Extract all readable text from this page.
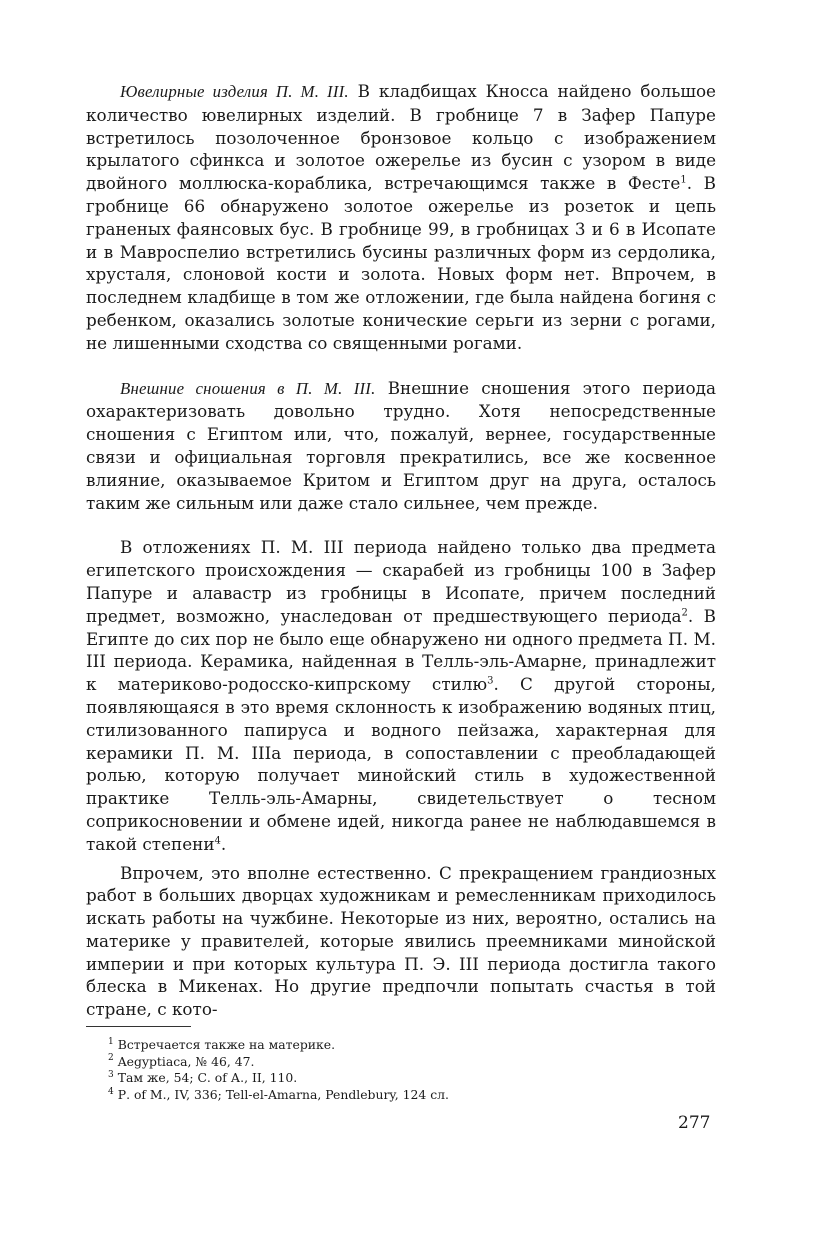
Ювелирные изделия П. М. III. В кладбищах Кносса найдено большое количество ювелирных изделий. В гробнице 7 в Зафер Папуре встретилось позолоченное бронзовое кольцо с изображением крылатого сфинкса и золотое ожерелье из бусин с узором в виде двойного моллюска-кораблика, встречающимся также в Фесте$^1$. В гробнице 66 обнаружено золотое ожерелье из розеток и цепь граненых фаянсовых бус. В гробнице 99, в гробницах 3 и 6 в Исопате и в Мавроспелио встретились бусины различных форм из сердолика, хрусталя, слоновой кости и золота. Новых форм нет. Впрочем, в последнем кладбище в том же отложении, где была найдена богиня с ребенком, оказались золотые конические серьги из зерни с рогами, не лишенными сходства со священными рогами.

Внешние сношения в П. М. III. Внешние сношения этого периода охарактеризовать довольно трудно. Хотя непосредственные сношения с Египтом или, что, пожалуй, вернее, государственные связи и официальная торговля прекратились, все же косвенное влияние, оказываемое Критом и Египтом друг на друга, осталось таким же сильным или даже стало сильнее, чем прежде.

В отложениях П. М. III периода найдено только два предмета египетского происхождения — скарабей из гробницы 100 в Зафер Папуре и алавастр из гробницы в Исопате, причем последний предмет, возможно, унаследован от предшествующего периода$^2$. В Египте до сих пор не было еще обнаружено ни одного предмета П. М. III периода. Керамика, найденная в Телль-эль-Амарне, принадлежит к материково-родосско-кипрскому стилю$^3$. С другой стороны, появляющаяся в это время склонность к изображению водяных птиц, стилизованного папируса и водного пейзажа, характерная для керамики П. М. IIIа периода, в сопоставлении с преобладающей ролью, которую получает минойский стиль в художественной практике Телль-эль-Амарны, свидетельствует о тесном соприкосновении и обмене идей, никогда ранее не наблюдавшемся в такой степени$^4$.

Впрочем, это вполне естественно. С прекращением грандиозных работ в больших дворцах художникам и ремесленникам приходилось искать работы на чужбине. Некоторые из них, вероятно, остались на материке у правителей, которые явились преемниками минойской империи и при которых культура П. Э. III периода достигла такого блеска в Микенах. Но другие предпочли попытать счастья в той стране, с кото-

$^1$ Встречается также на материке.

$^2$ Aegyptiaca, № 46, 47.

$^3$ Там же, 54; С. of А., II, 110.

$^4$ Р. of М., IV, 336; Tell-el-Amarna, Pendlebury, 124 сл.

277
